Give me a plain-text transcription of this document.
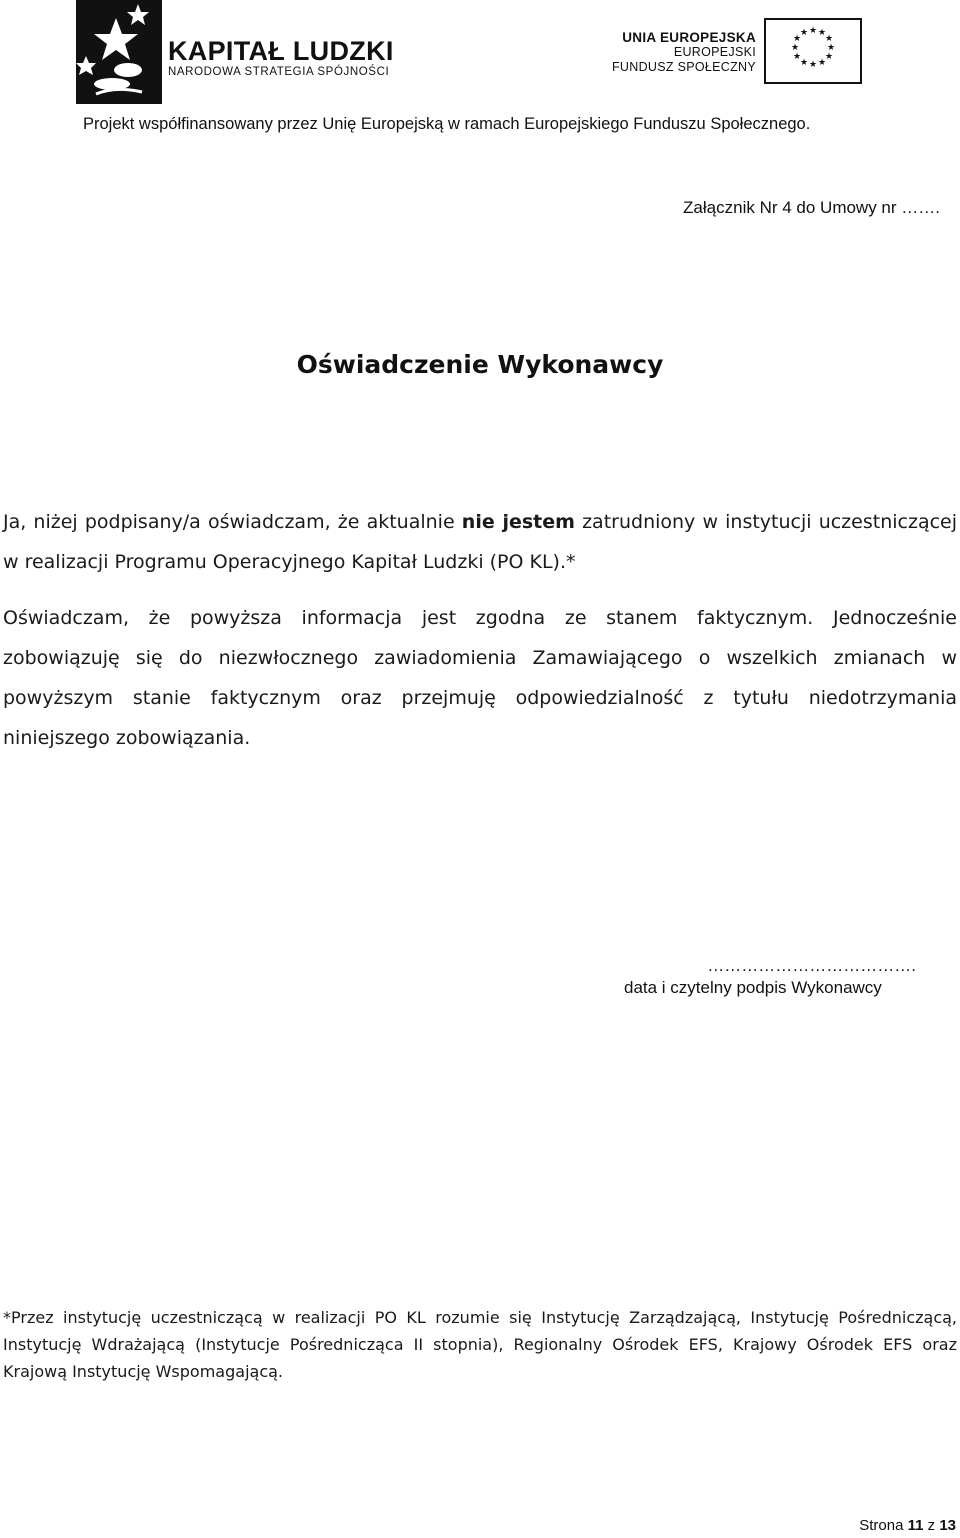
KAPITAŁ LUDZKI
NARODOWA STRATEGIA SPÓJNOŚCI
UNIA EUROPEJSKA
EUROPEJSKI
FUNDUSZ SPOŁECZNY
★ ★
★
★
★
★
★
★
★
★
★
★
Projekt współfinansowany przez Unię Europejską w ramach Europejskiego Funduszu Społecznego.
Załącznik Nr 4 do Umowy nr …….
Oświadczenie Wykonawcy

Ja, niżej podpisany/a oświadczam, że aktualnie nie jestem zatrudniony w instytucji uczestniczącej w realizacji Programu Operacyjnego Kapitał Ludzki (PO KL).*

Oświadczam, że powyższa informacja jest zgodna ze stanem faktycznym. Jednocześnie zobowiązuję się do niezwłocznego zawiadomienia Zamawiającego o wszelkich zmianach w powyższym stanie faktycznym oraz przejmuję odpowiedzialność z tytułu niedotrzymania niniejszego zobowiązania.

……………………………….
data i czytelny podpis Wykonawcy

*Przez instytucję uczestniczącą w realizacji PO KL rozumie się Instytucję Zarządzającą, Instytucję Pośredniczącą, Instytucję Wdrażającą (Instytucje Pośrednicząca II stopnia), Regionalny Ośrodek EFS, Krajowy Ośrodek EFS oraz Krajową Instytucję Wspomagającą.

Strona 11 z 13
